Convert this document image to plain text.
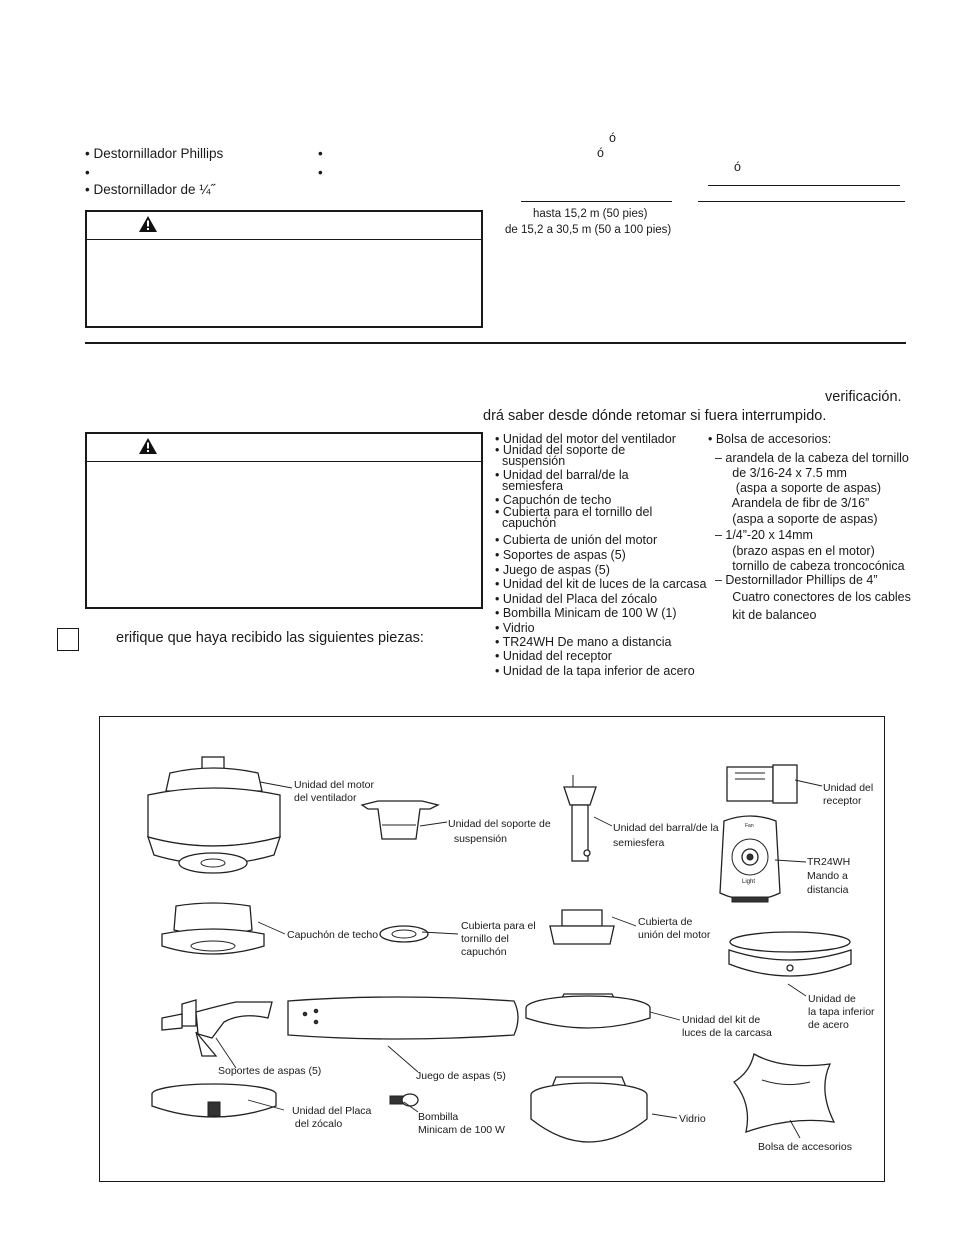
• Destornillador Phillips
•
• Destornillador de ¼˝
•
•
ó
ó
ó
hasta 15,2 m (50 pies)
de 15,2 a 30,5 m (50 a 100 pies)
verificación.
drá saber desde dónde retomar si fuera interrumpido.
erifique que haya recibido las siguientes piezas:
• Unidad del motor del ventilador
• Unidad del soporte de
suspensión
• Unidad del barral/de la
semiesfera
• Capuchón de techo
• Cubierta para el tornillo del
capuchón
• Cubierta de unión del motor
• Soportes de aspas (5)
• Juego de aspas (5)
• Unidad del kit de luces de la carcasa
• Unidad del Placa del zócalo
• Bombilla Minicam de 100 W (1)
• Vidrio
• TR24WH De mano a distancia
• Unidad del receptor
• Unidad de la tapa inferior de acero
• Bolsa de accesorios:
– arandela de la cabeza del tornillo
de 3/16-24 x 7.5 mm
(aspa a soporte de aspas)
Arandela de fibr de 3/16”
(aspa a soporte de aspas)
– 1/4”-20 x 14mm
(brazo aspas en el motor)
tornillo de cabeza troncocónica
– Destornillador Phillips de 4”
Cuatro conectores de los cables
kit de balanceo
Light
Fan
Unidad del motor
del ventilador
Unidad del soporte de
suspensión
Unidad del barral/de la
semiesfera
Unidad del
receptor
TR24WH
Mando a
distancia
Capuchón de techo
Cubierta para el
tornillo del
capuchón
Cubierta de
unión del motor
Unidad de
la tapa inferior
de acero
Soportes de aspas (5)	Juego de aspas (5)
Unidad del kit de
luces de la carcasa
Unidad del Placa
del zócalo
Bombilla
Minicam de 100 W
Vidrio
Bolsa de accesorios
